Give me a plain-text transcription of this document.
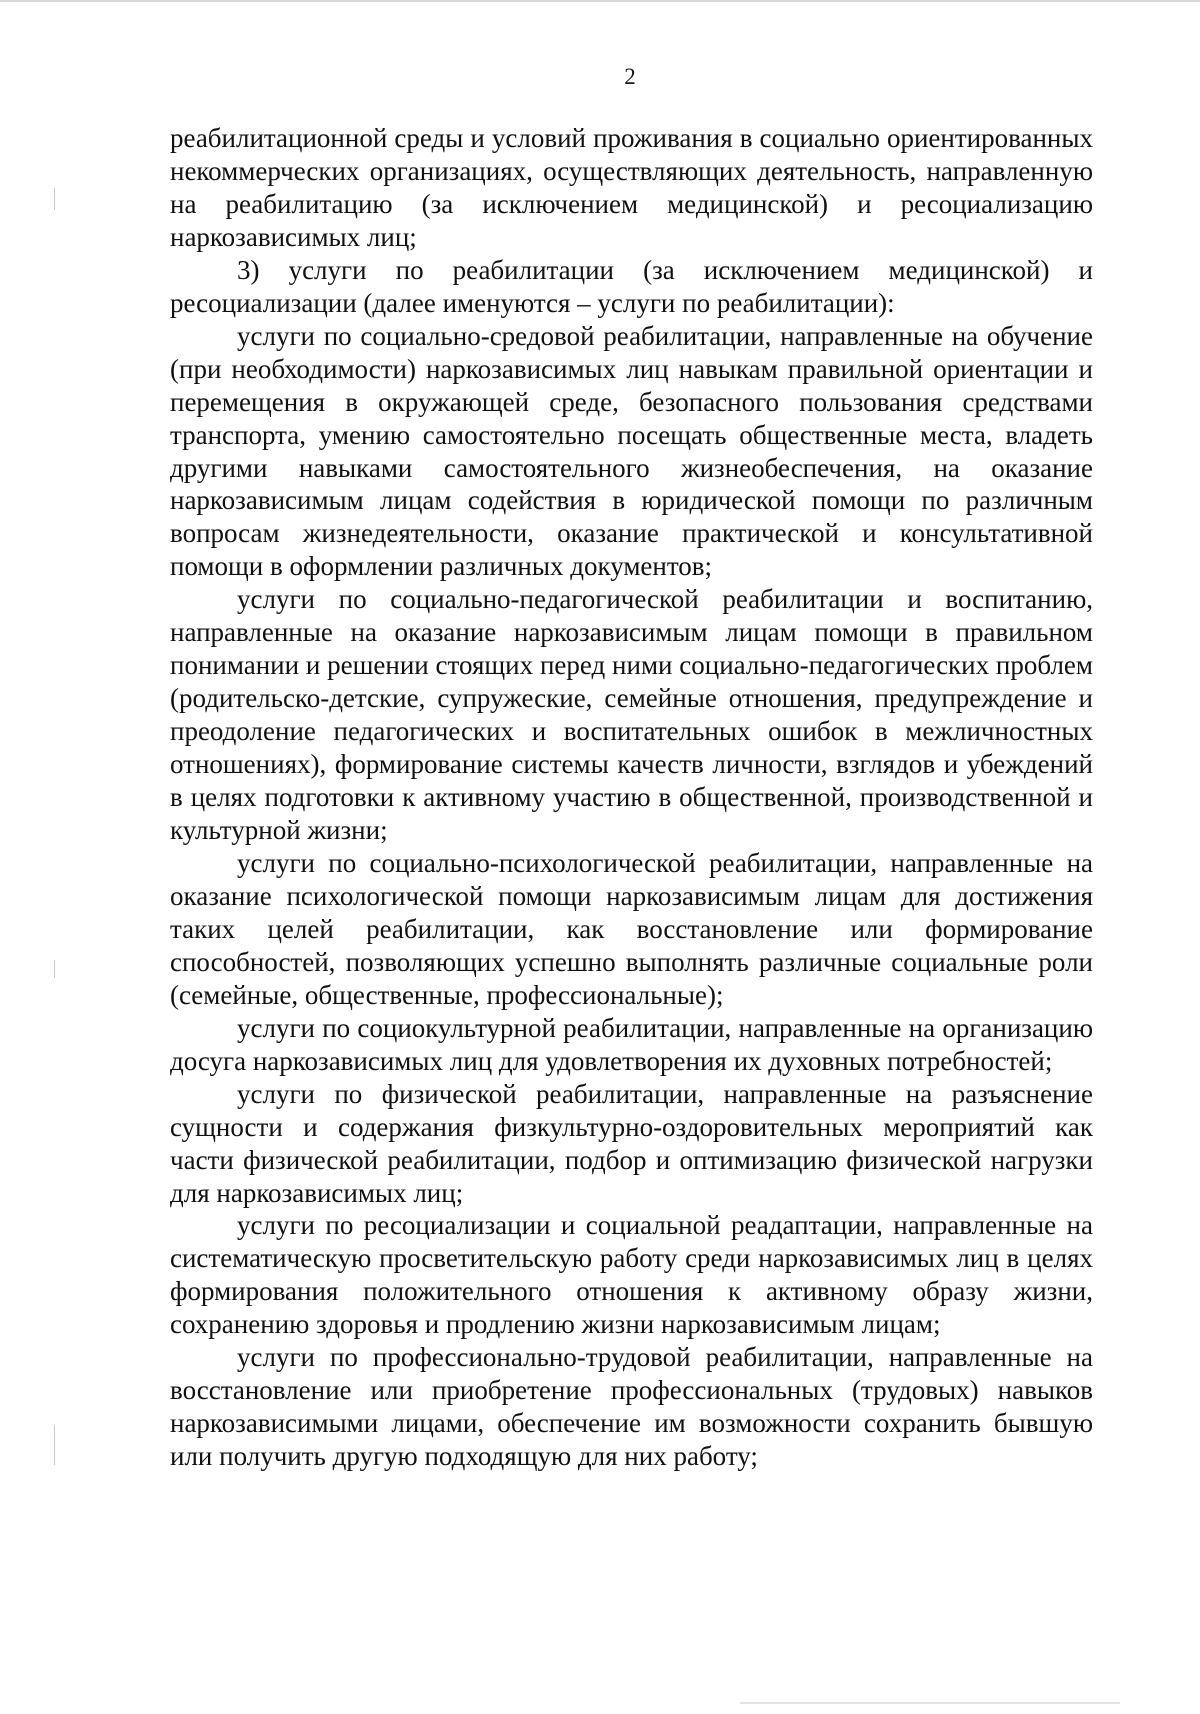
2

реабилитационной среды и условий проживания в социально ориентированных некоммерческих организациях, осуществляющих деятельность, направленную на реабилитацию (за исключением медицинской) и ресоциализацию наркозависимых лиц;

3) услуги по реабилитации (за исключением медицинской) и ресоциализации (далее именуются – услуги по реабилитации):

услуги по социально-средовой реабилитации, направленные на обучение (при необходимости) наркозависимых лиц навыкам правильной ориентации и перемещения в окружающей среде, безопасного пользования средствами транспорта, умению самостоятельно посещать общественные места, владеть другими навыками самостоятельного жизнеобеспечения, на оказание наркозависимым лицам содействия в юридической помощи по различным вопросам жизнедеятельности, оказание практической и консультативной помощи в оформлении различных документов;

услуги по социально-педагогической реабилитации и воспитанию, направленные на оказание наркозависимым лицам помощи в правильном понимании и решении стоящих перед ними социально-педагогических проблем (родительско-детские, супружеские, семейные отношения, предупреждение и преодоление педагогических и воспитательных ошибок в межличностных отношениях), формирование системы качеств личности, взглядов и убеждений в целях подготовки к активному участию в общественной, производственной и культурной жизни;

услуги по социально-психологической реабилитации, направленные на оказание психологической помощи наркозависимым лицам для достижения таких целей реабилитации, как восстановление или формирование способностей, позволяющих успешно выполнять различные социальные роли (семейные, общественные, профессиональные);

услуги по социокультурной реабилитации, направленные на организацию досуга наркозависимых лиц для удовлетворения их духовных потребностей;

услуги по физической реабилитации, направленные на разъяснение сущности и содержания физкультурно-оздоровительных мероприятий как части физической реабилитации, подбор и оптимизацию физической нагрузки для наркозависимых лиц;

услуги по ресоциализации и социальной реадаптации, направленные на систематическую просветительскую работу среди наркозависимых лиц в целях формирования положительного отношения к активному образу жизни, сохранению здоровья и продлению жизни наркозависимым лицам;

услуги по профессионально-трудовой реабилитации, направленные на восстановление или приобретение профессиональных (трудовых) навыков наркозависимыми лицами, обеспечение им возможности сохранить бывшую или получить другую подходящую для них работу;
